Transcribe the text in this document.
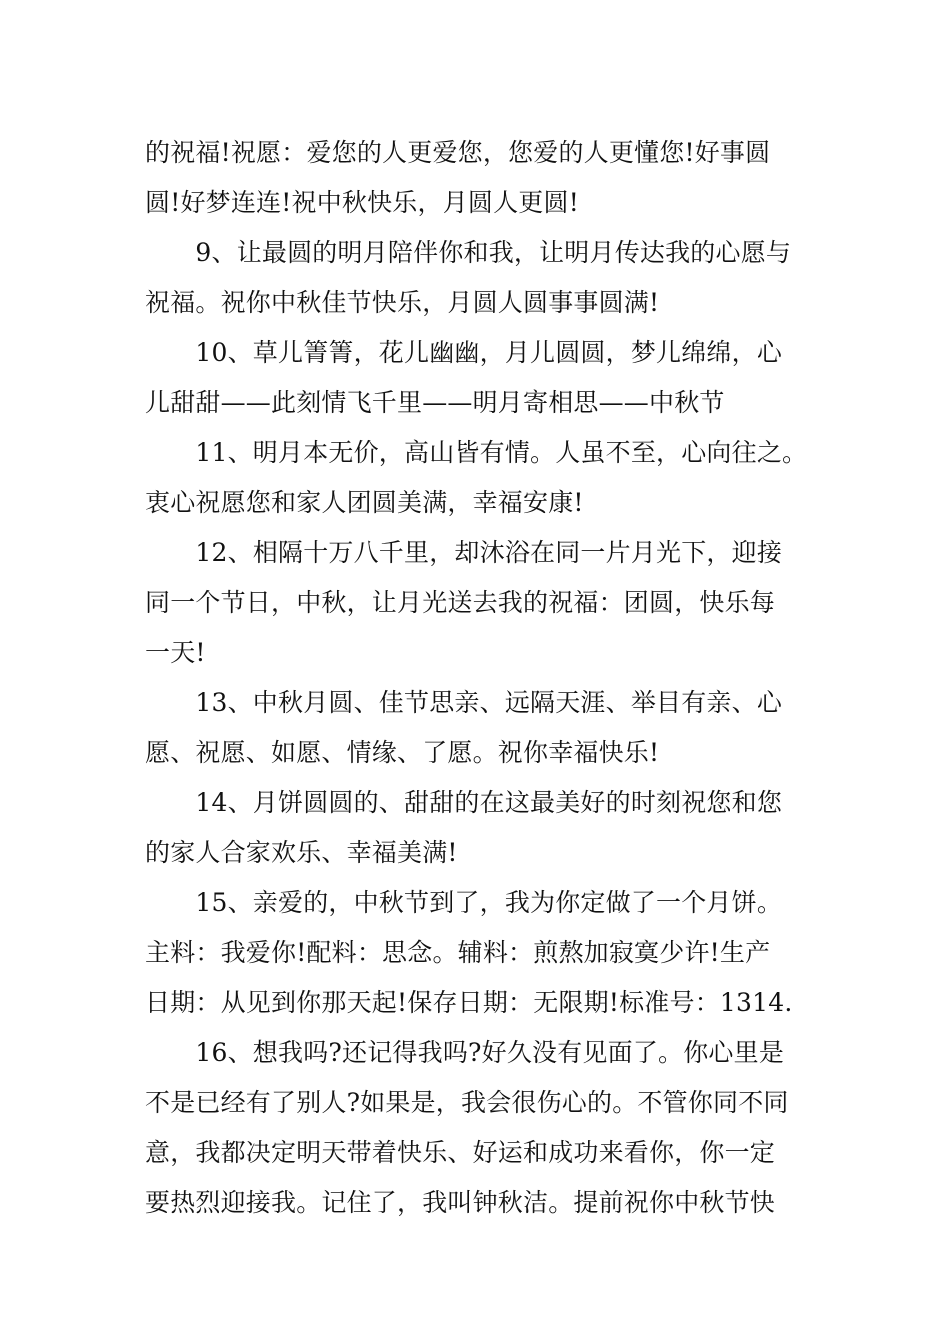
的祝福!祝愿：爱您的人更爱您，您爱的人更懂您!好事圆
圆!好梦连连!祝中秋快乐，月圆人更圆!

　　9、让最圆的明月陪伴你和我，让明月传达我的心愿与
祝福。祝你中秋佳节快乐，月圆人圆事事圆满!

　　10、草儿箐箐，花儿幽幽，月儿圆圆，梦儿绵绵，心
儿甜甜——此刻情飞千里——明月寄相思——中秋节

　　11、明月本无价，高山皆有情。人虽不至，心向往之。
衷心祝愿您和家人团圆美满，幸福安康!

　　12、相隔十万八千里，却沐浴在同一片月光下，迎接
同一个节日，中秋，让月光送去我的祝福：团圆，快乐每
一天!

　　13、中秋月圆、佳节思亲、远隔天涯、举目有亲、心
愿、祝愿、如愿、情缘、了愿。祝你幸福快乐!

　　14、月饼圆圆的、甜甜的在这最美好的时刻祝您和您
的家人合家欢乐、幸福美满!

　　15、亲爱的，中秋节到了，我为你定做了一个月饼。
主料：我爱你!配料：思念。辅料：煎熬加寂寞少许!生产
日期：从见到你那天起!保存日期：无限期!标准号：1314.

　　16、想我吗?还记得我吗?好久没有见面了。你心里是
不是已经有了别人?如果是，我会很伤心的。不管你同不同
意，我都决定明天带着快乐、好运和成功来看你，你一定
要热烈迎接我。记住了，我叫钟秋洁。提前祝你中秋节快
